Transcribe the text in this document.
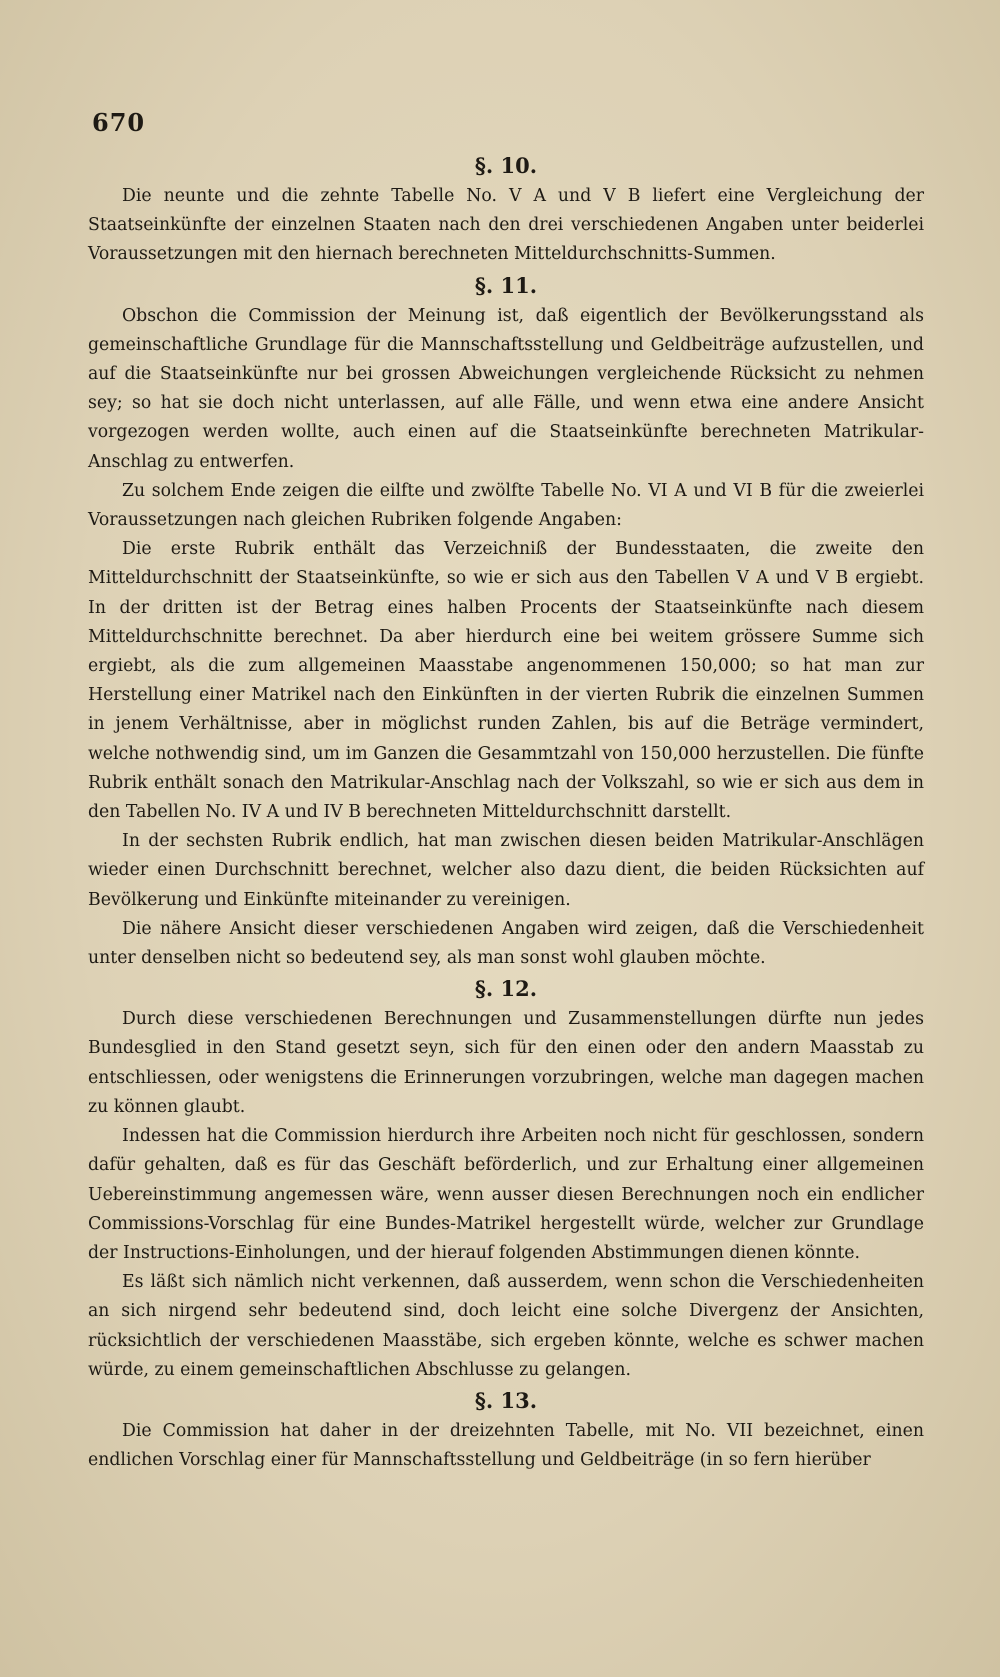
670
§. 10.

Die neunte und die zehnte Tabelle No. V A und V B liefert eine Vergleichung der Staatseinkünfte der einzelnen Staaten nach den drei verschiedenen Angaben unter beiderlei Voraussetzungen mit den hiernach berechneten Mitteldurchschnitts-Summen.

§. 11.

Obschon die Commission der Meinung ist, daß eigentlich der Bevölkerungsstand als gemeinschaftliche Grundlage für die Mannschaftsstellung und Geldbeiträge aufzustellen, und auf die Staatseinkünfte nur bei grossen Abweichungen vergleichende Rücksicht zu nehmen sey; so hat sie doch nicht unterlassen, auf alle Fälle, und wenn etwa eine andere Ansicht vorgezogen werden wollte, auch einen auf die Staatseinkünfte berechneten Matrikular-Anschlag zu entwerfen.

Zu solchem Ende zeigen die eilfte und zwölfte Tabelle No. VI A und VI B für die zweierlei Voraussetzungen nach gleichen Rubriken folgende Angaben:

Die erste Rubrik enthält das Verzeichniß der Bundesstaaten, die zweite den Mitteldurchschnitt der Staatseinkünfte, so wie er sich aus den Tabellen V A und V B ergiebt. In der dritten ist der Betrag eines halben Procents der Staatseinkünfte nach diesem Mitteldurchschnitte berechnet. Da aber hierdurch eine bei weitem grössere Summe sich ergiebt, als die zum allgemeinen Maasstabe angenommenen 150,000; so hat man zur Herstellung einer Matrikel nach den Einkünften in der vierten Rubrik die einzelnen Summen in jenem Verhältnisse, aber in möglichst runden Zahlen, bis auf die Beträge vermindert, welche nothwendig sind, um im Ganzen die Gesammtzahl von 150,000 herzustellen. Die fünfte Rubrik enthält sonach den Matrikular-Anschlag nach der Volkszahl, so wie er sich aus dem in den Tabellen No. IV A und IV B berechneten Mitteldurchschnitt darstellt.

In der sechsten Rubrik endlich, hat man zwischen diesen beiden Matrikular-Anschlägen wieder einen Durchschnitt berechnet, welcher also dazu dient, die beiden Rücksichten auf Bevölkerung und Einkünfte miteinander zu vereinigen.

Die nähere Ansicht dieser verschiedenen Angaben wird zeigen, daß die Verschiedenheit unter denselben nicht so bedeutend sey, als man sonst wohl glauben möchte.

§. 12.

Durch diese verschiedenen Berechnungen und Zusammenstellungen dürfte nun jedes Bundesglied in den Stand gesetzt seyn, sich für den einen oder den andern Maasstab zu entschliessen, oder wenigstens die Erinnerungen vorzubringen, welche man dagegen machen zu können glaubt.

Indessen hat die Commission hierdurch ihre Arbeiten noch nicht für geschlossen, sondern dafür gehalten, daß es für das Geschäft beförderlich, und zur Erhaltung einer allgemeinen Uebereinstimmung angemessen wäre, wenn ausser diesen Berechnungen noch ein endlicher Commissions-Vorschlag für eine Bundes-Matrikel hergestellt würde, welcher zur Grundlage der Instructions-Einholungen, und der hierauf folgenden Abstimmungen dienen könnte.

Es läßt sich nämlich nicht verkennen, daß ausserdem, wenn schon die Verschiedenheiten an sich nirgend sehr bedeutend sind, doch leicht eine solche Divergenz der Ansichten, rücksichtlich der verschiedenen Maasstäbe, sich ergeben könnte, welche es schwer machen würde, zu einem gemeinschaftlichen Abschlusse zu gelangen.

§. 13.

Die Commission hat daher in der dreizehnten Tabelle, mit No. VII bezeichnet, einen endlichen Vorschlag einer für Mannschaftsstellung und Geldbeiträge (in so fern hierüber
